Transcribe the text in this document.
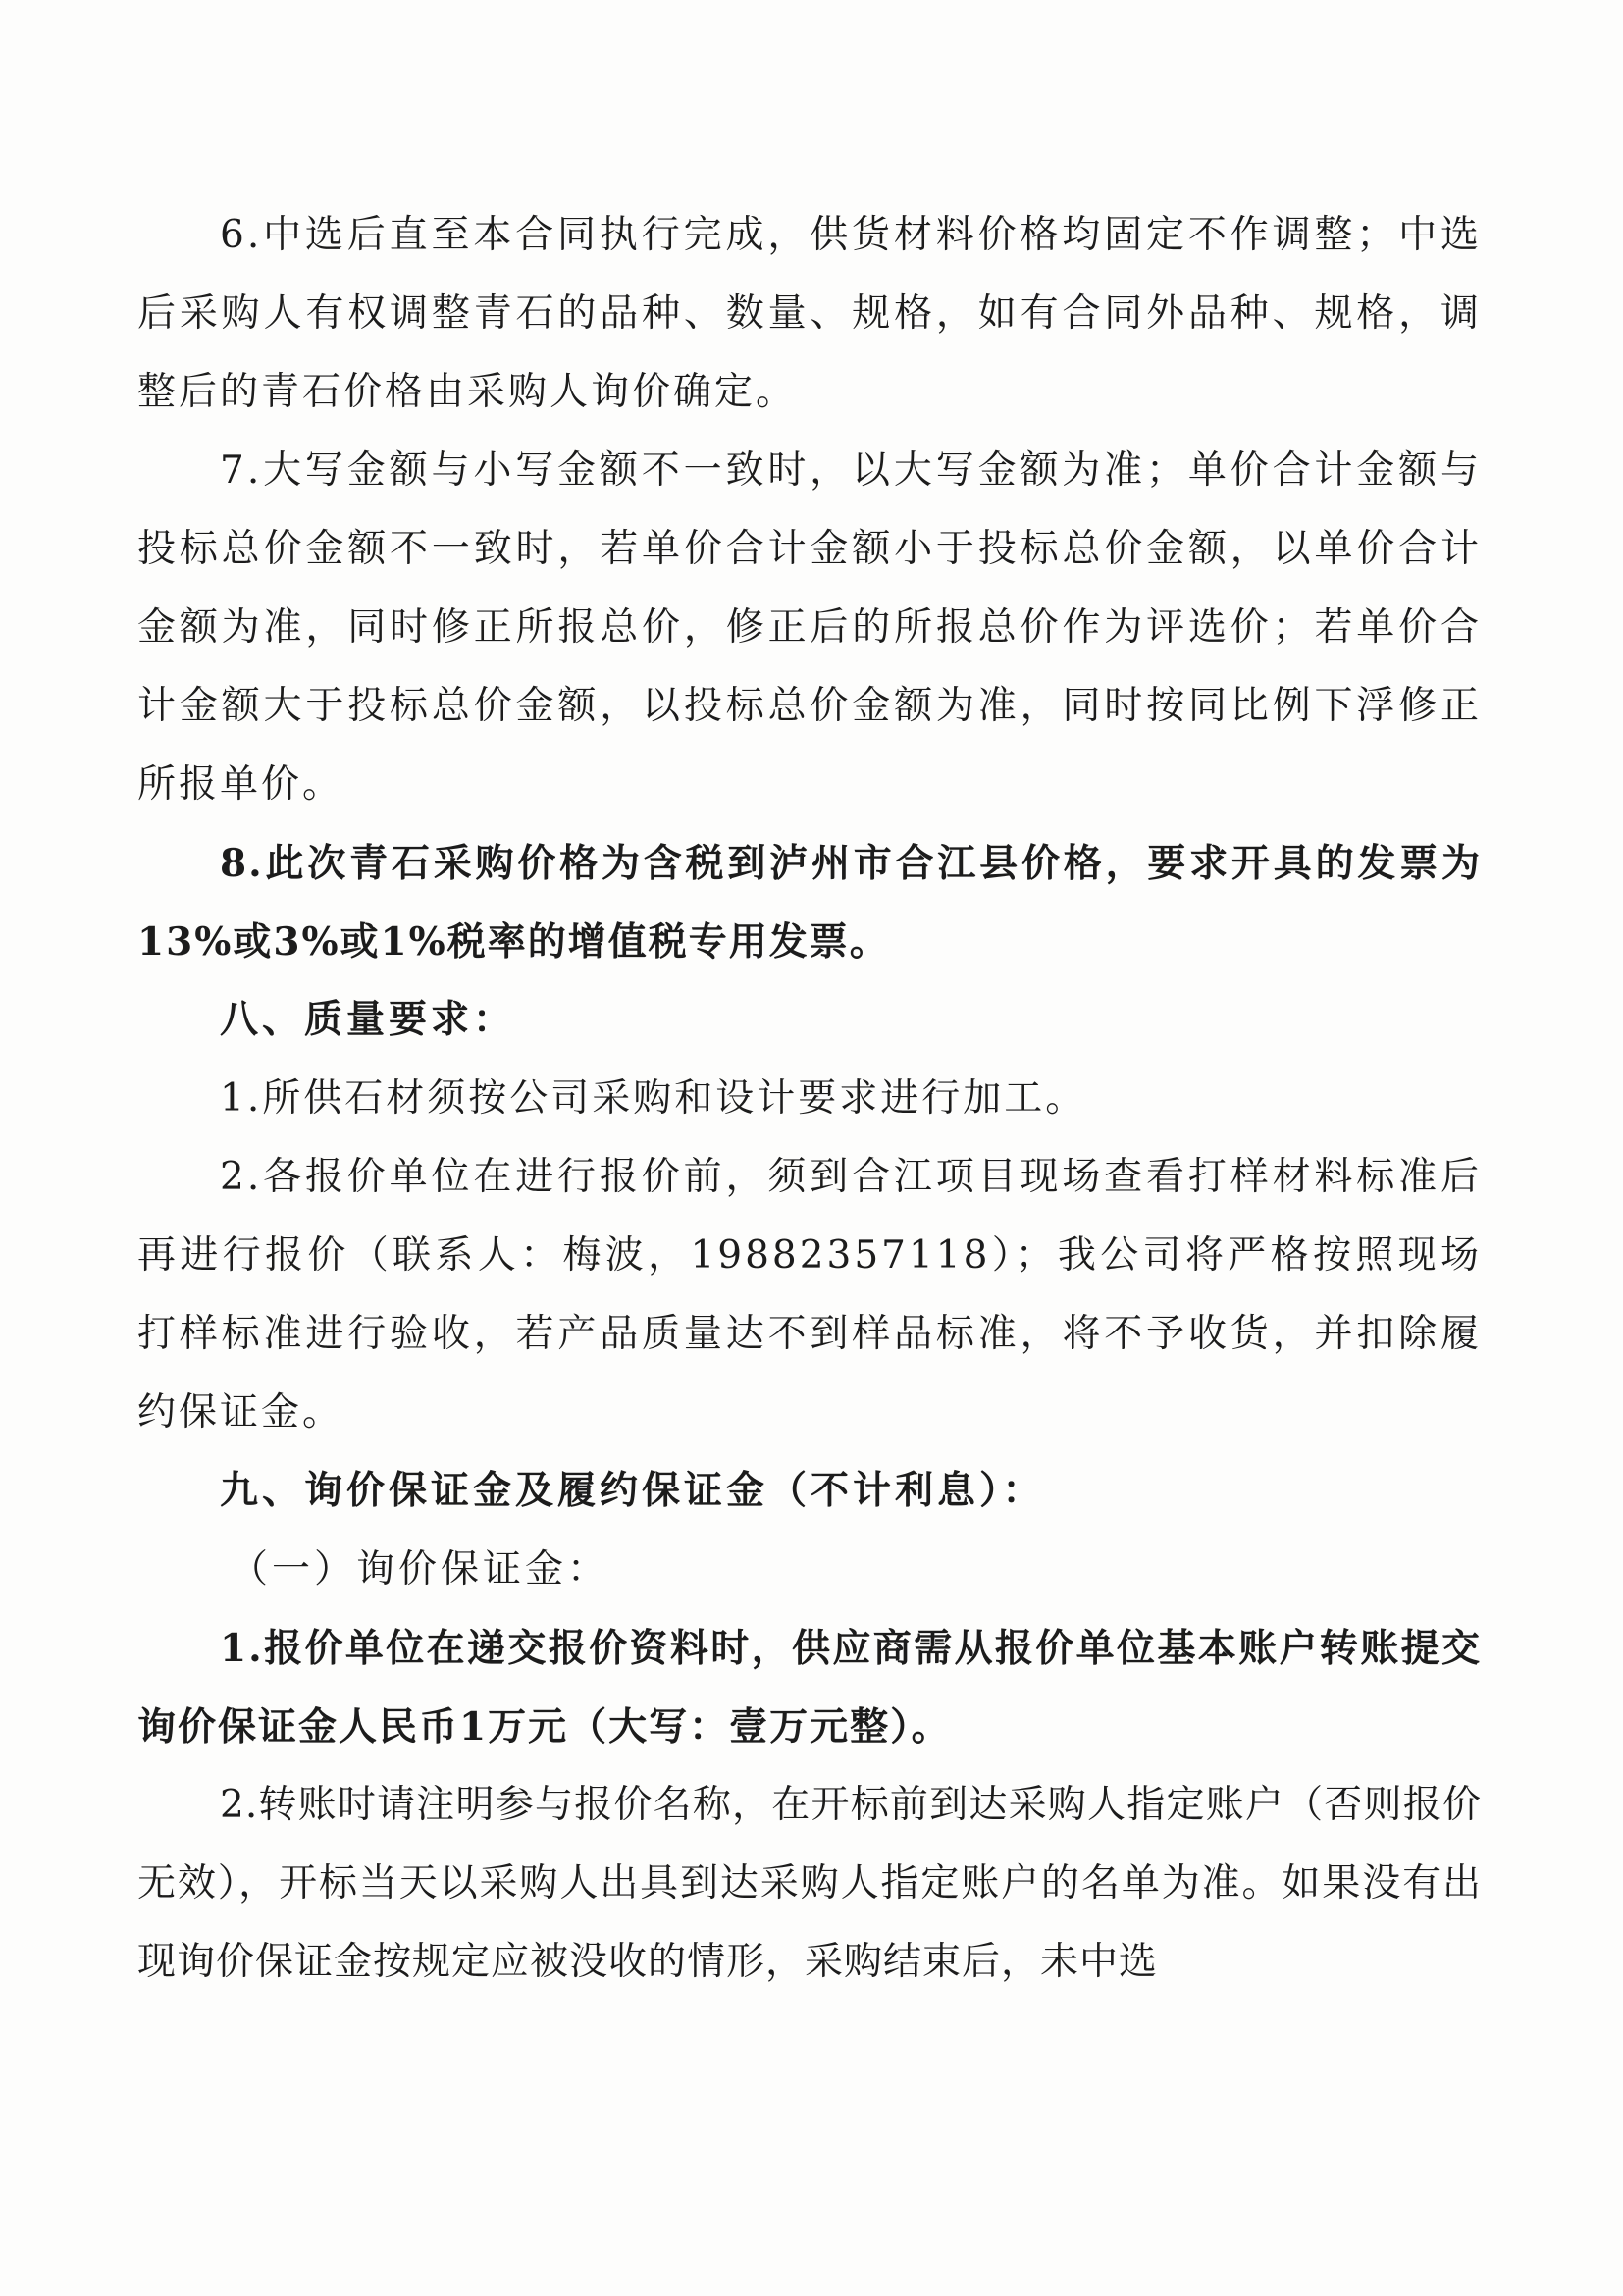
6.中选后直至本合同执行完成，供货材料价格均固定不作调整；中选后采购人有权调整青石的品种、数量、规格，如有合同外品种、规格，调整后的青石价格由采购人询价确定。

7.大写金额与小写金额不一致时，以大写金额为准；单价合计金额与投标总价金额不一致时，若单价合计金额小于投标总价金额，以单价合计金额为准，同时修正所报总价，修正后的所报总价作为评选价；若单价合计金额大于投标总价金额，以投标总价金额为准，同时按同比例下浮修正所报单价。

8.此次青石采购价格为含税到泸州市合江县价格，要求开具的发票为13%或3%或1%税率的增值税专用发票。

八、质量要求：

1.所供石材须按公司采购和设计要求进行加工。

2.各报价单位在进行报价前，须到合江项目现场查看打样材料标准后再进行报价（联系人：梅波，19882357118）；我公司将严格按照现场打样标准进行验收，若产品质量达不到样品标准，将不予收货，并扣除履约保证金。

九、询价保证金及履约保证金（不计利息）：

（一）询价保证金：

1.报价单位在递交报价资料时，供应商需从报价单位基本账户转账提交询价保证金人民币1万元（大写：壹万元整）。

2.转账时请注明参与报价名称，在开标前到达采购人指定账户（否则报价无效），开标当天以采购人出具到达采购人指定账户的名单为准。如果没有出现询价保证金按规定应被没收的情形，采购结束后，未中选
